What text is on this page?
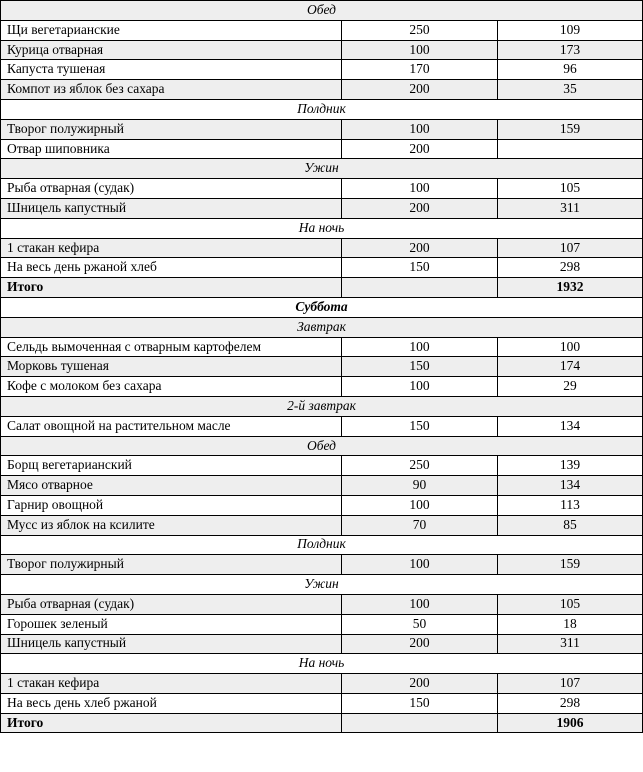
Обед		
Щи вегетарианские	250	109
Курица отварная	100	173
Капуста тушеная	170	96
Компот из яблок без сахара	200	35
Полдник		
Творог полужирный	100	159
Отвар шиповника	200	
Ужин		
Рыба отварная (судак)	100	105
Шницель капустный	200	311
На ночь		
1 стакан кефира	200	107
На весь день ржаной хлеб	150	298
Итого		1932
Суббота		
Завтрак		
Сельдь вымоченная с отварным картофелем	100	100
Морковь тушеная	150	174
Кофе с молоком без сахара	100	29
2-й завтрак		
Салат овощной на растительном масле	150	134
Обед		
Борщ вегетарианский	250	139
Мясо отварное	90	134
Гарнир овощной	100	113
Мусс из яблок на ксилите	70	85
Полдник		
Творог полужирный	100	159
Ужин		
Рыба отварная (судак)	100	105
Горошек зеленый	50	18
Шницель капустный	200	311
На ночь		
1 стакан кефира	200	107
На весь день хлеб ржаной	150	298
Итого		1906
